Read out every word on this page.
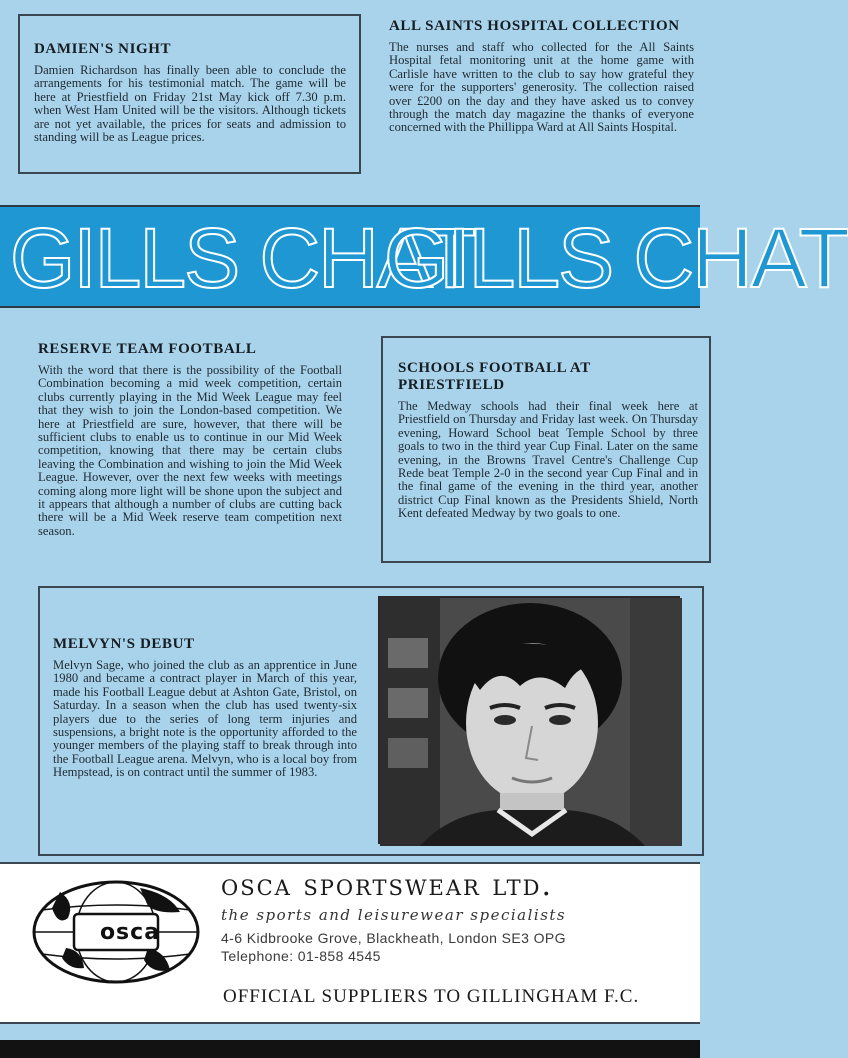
DAMIEN'S NIGHT

Damien Richardson has finally been able to conclude the arrangements for his testimonial match. The game will be here at Priestfield on Friday 21st May kick off 7.30 p.m. when West Ham United will be the visitors. Although tickets are not yet available, the prices for seats and admission to standing will be as League prices.

ALL SAINTS HOSPITAL COLLECTION

The nurses and staff who collected for the All Saints Hospital fetal monitoring unit at the home game with Carlisle have written to the club to say how grateful they were for the supporters' generosity. The collection raised over £200 on the day and they have asked us to convey through the match day magazine the thanks of everyone concerned with the Phillippa Ward at All Saints Hospital.

GILLS CHAT
GILLS CHAT
RESERVE TEAM FOOTBALL

With the word that there is the possibility of the Football Combination becoming a mid week competition, certain clubs currently playing in the Mid Week League may feel that they wish to join the London-based competition. We here at Priestfield are sure, however, that there will be sufficient clubs to enable us to continue in our Mid Week competition, knowing that there may be certain clubs leaving the Combination and wishing to join the Mid Week League. However, over the next few weeks with meetings coming along more light will be shone upon the subject and it appears that although a number of clubs are cutting back there will be a Mid Week reserve team competition next season.

SCHOOLS FOOTBALL AT PRIESTFIELD

The Medway schools had their final week here at Priestfield on Thursday and Friday last week. On Thursday evening, Howard School beat Temple School by three goals to two in the third year Cup Final. Later on the same evening, in the Browns Travel Centre's Challenge Cup Rede beat Temple 2-0 in the second year Cup Final and in the final game of the evening in the third year, another district Cup Final known as the Presidents Shield, North Kent defeated Medway by two goals to one.

MELVYN'S DEBUT

Melvyn Sage, who joined the club as an apprentice in June 1980 and became a contract player in March of this year, made his Football League debut at Ashton Gate, Bristol, on Saturday. In a season when the club has used twenty-six players due to the series of long term injuries and suspensions, a bright note is the opportunity afforded to the younger members of the playing staff to break through into the Football League arena. Melvyn, who is a local boy from Hempstead, is on contract until the summer of 1983.

osca
osca sportswear ltd.
the sports and leisurewear specialists
4-6 Kidbrooke Grove, Blackheath, London SE3 OPG
Telephone: 01-858 4545
OFFICIAL SUPPLIERS TO GILLINGHAM F.C.
